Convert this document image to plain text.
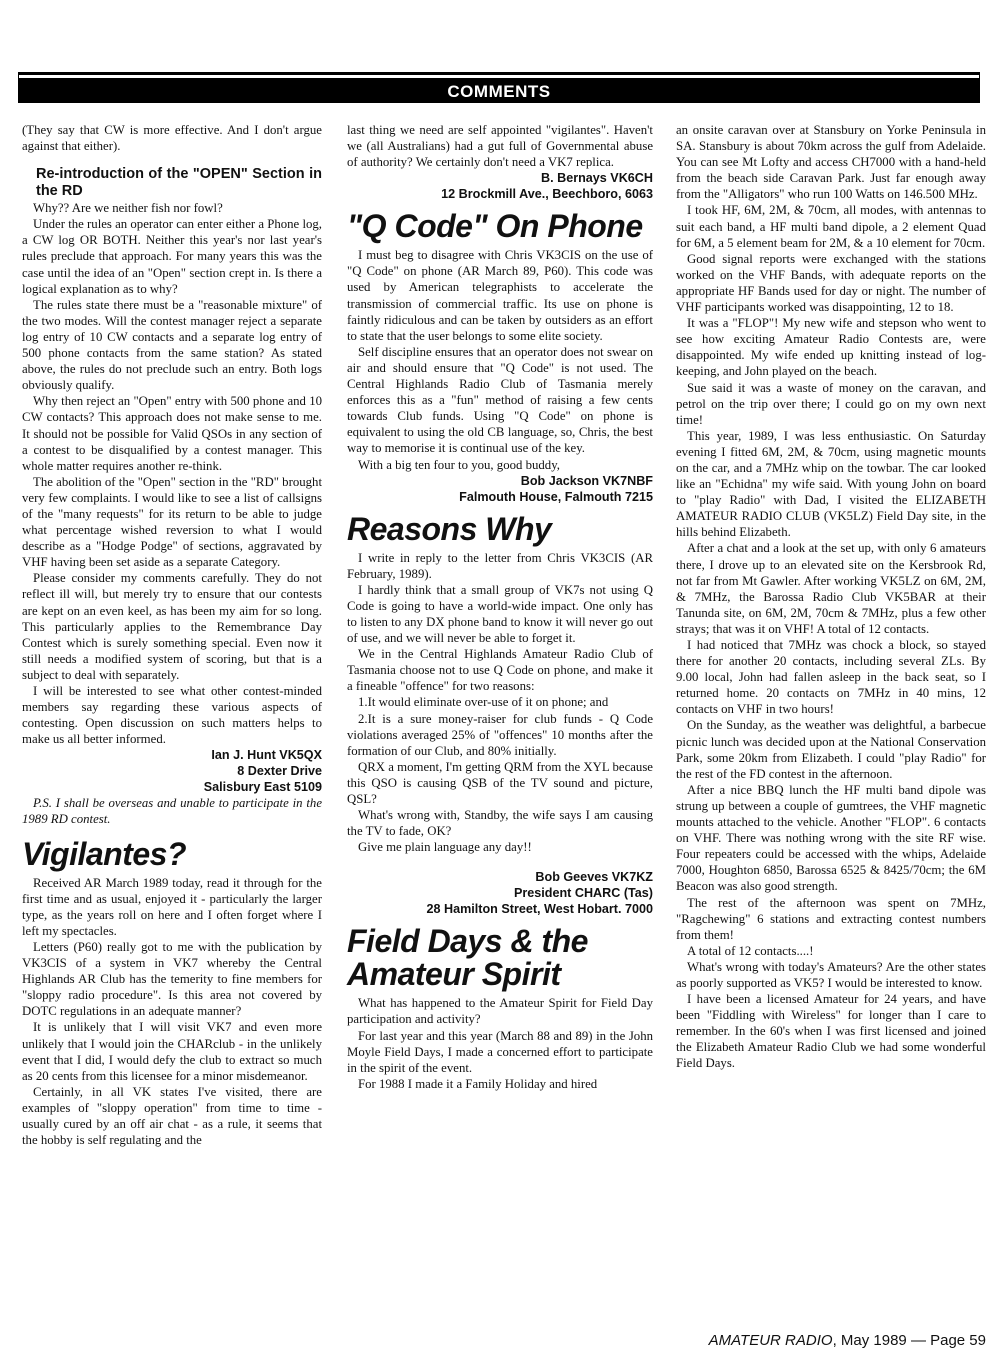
COMMENTS

(They say that CW is more effective. And I don't argue against that either).

Re-introduction of the "OPEN" Section in the RD

Why?? Are we neither fish nor fowl?

Under the rules an operator can enter either a Phone log, a CW log OR BOTH. Neither this year's nor last year's rules preclude that approach. For many years this was the case until the idea of an "Open" section crept in. Is there a logical explanation as to why?

The rules state there must be a "reasonable mixture" of the two modes. Will the contest manager reject a separate log entry of 10 CW contacts and a separate log entry of 500 phone contacts from the same station? As stated above, the rules do not preclude such an entry. Both logs obviously qualify.

Why then reject an "Open" entry with 500 phone and 10 CW contacts? This approach does not make sense to me. It should not be possible for Valid QSOs in any section of a contest to be disqualified by a contest manager. This whole matter requires another re-think.

The abolition of the "Open" section in the "RD" brought very few complaints. I would like to see a list of callsigns of the "many requests" for its return to be able to judge what percentage wished reversion to what I would describe as a "Hodge Podge" of sections, aggravated by VHF having been set aside as a separate Category.

Please consider my comments carefully. They do not reflect ill will, but merely try to ensure that our contests are kept on an even keel, as has been my aim for so long. This particularly applies to the Remembrance Day Contest which is surely something special. Even now it still needs a modified system of scoring, but that is a subject to deal with separately.

I will be interested to see what other contest-minded members say regarding these various aspects of contesting. Open discussion on such matters helps to make us all better informed.

Ian J. Hunt VK5QX
8 Dexter Drive
Salisbury East 5109

P.S. I shall be overseas and unable to participate in the 1989 RD contest.

Vigilantes?

Received AR March 1989 today, read it through for the first time and as usual, enjoyed it - particularly the larger type, as the years roll on here and I often forget where I left my spectacles.

Letters (P60) really got to me with the publication by VK3CIS of a system in VK7 whereby the Central Highlands AR Club has the temerity to fine members for "sloppy radio procedure". Is this area not covered by DOTC regulations in an adequate manner?

It is unlikely that I will visit VK7 and even more unlikely that I would join the CHARclub - in the unlikely event that I did, I would defy the club to extract so much as 20 cents from this licensee for a minor misdemeanor.

Certainly, in all VK states I've visited, there are examples of "sloppy operation" from time to time - usually cured by an off air chat - as a rule, it seems that the hobby is self regulating and the

last thing we need are self appointed "vigilantes". Haven't we (all Australians) had a gut full of Governmental abuse of authority? We certainly don't need a VK7 replica.

B. Bernays VK6CH
12 Brockmill Ave., Beechboro, 6063
"Q Code" On Phone

I must beg to disagree with Chris VK3CIS on the use of "Q Code" on phone (AR March 89, P60). This code was used by American telegraphists to accelerate the transmission of commercial traffic. Its use on phone is faintly ridiculous and can be taken by outsiders as an effort to state that the user belongs to some elite society.

Self discipline ensures that an operator does not swear on air and should ensure that "Q Code" is not used. The Central Highlands Radio Club of Tasmania merely enforces this as a "fun" method of raising a few cents towards Club funds. Using "Q Code" on phone is equivalent to using the old CB language, so, Chris, the best way to memorise it is continual use of the key.

With a big ten four to you, good buddy,

Bob Jackson VK7NBF
Falmouth House, Falmouth 7215
Reasons Why

I write in reply to the letter from Chris VK3CIS (AR February, 1989).

I hardly think that a small group of VK7s not using Q Code is going to have a world-wide impact. One only has to listen to any DX phone band to know it will never go out of use, and we will never be able to forget it.

We in the Central Highlands Amateur Radio Club of Tasmania choose not to use Q Code on phone, and make it a fineable "offence" for two reasons:

1.It would eliminate over-use of it on phone; and

2.It is a sure money-raiser for club funds - Q Code violations averaged 25% of "offences" 10 months after the formation of our Club, and 80% initially.

QRX a moment, I'm getting QRM from the XYL because this QSO is causing QSB of the TV sound and picture, QSL?

What's wrong with, Standby, the wife says I am causing the TV to fade, OK?

Give me plain language any day!!

Bob Geeves VK7KZ
President CHARC (Tas)
28 Hamilton Street, West Hobart. 7000
Field Days & the Amateur Spirit

What has happened to the Amateur Spirit for Field Day participation and activity?

For last year and this year (March 88 and 89) in the John Moyle Field Days, I made a concerned effort to participate in the spirit of the event.

For 1988 I made it a Family Holiday and hired

an onsite caravan over at Stansbury on Yorke Peninsula in SA. Stansbury is about 70km across the gulf from Adelaide. You can see Mt Lofty and access CH7000 with a hand-held from the beach side Caravan Park. Just far enough away from the "Alligators" who run 100 Watts on 146.500 MHz.

I took HF, 6M, 2M, & 70cm, all modes, with antennas to suit each band, a HF multi band dipole, a 2 element Quad for 6M, a 5 element beam for 2M, & a 10 element for 70cm.

Good signal reports were exchanged with the stations worked on the VHF Bands, with adequate reports on the appropriate HF Bands used for day or night. The number of VHF participants worked was disappointing, 12 to 18.

It was a "FLOP"! My new wife and stepson who went to see how exciting Amateur Radio Contests are, were disappointed. My wife ended up knitting instead of log-keeping, and John played on the beach.

Sue said it was a waste of money on the caravan, and petrol on the trip over there; I could go on my own next time!

This year, 1989, I was less enthusiastic. On Saturday evening I fitted 6M, 2M, & 70cm, using magnetic mounts on the car, and a 7MHz whip on the towbar. The car looked like an "Echidna" my wife said. With young John on board to "play Radio" with Dad, I visited the ELIZABETH AMATEUR RADIO CLUB (VK5LZ) Field Day site, in the hills behind Elizabeth.

After a chat and a look at the set up, with only 6 amateurs there, I drove up to an elevated site on the Kersbrook Rd, not far from Mt Gawler. After working VK5LZ on 6M, 2M, & 7MHz, the Barossa Radio Club VK5BAR at their Tanunda site, on 6M, 2M, 70cm & 7MHz, plus a few other strays; that was it on VHF! A total of 12 contacts.

I had noticed that 7MHz was chock a block, so stayed there for another 20 contacts, including several ZLs. By 9.00 local, John had fallen asleep in the back seat, so I returned home. 20 contacts on 7MHz in 40 mins, 12 contacts on VHF in two hours!

On the Sunday, as the weather was delightful, a barbecue picnic lunch was decided upon at the National Conservation Park, some 20km from Elizabeth. I could "play Radio" for the rest of the FD contest in the afternoon.

After a nice BBQ lunch the HF multi band dipole was strung up between a couple of gumtrees, the VHF magnetic mounts attached to the vehicle. Another "FLOP". 6 contacts on VHF. There was nothing wrong with the site RF wise. Four repeaters could be accessed with the whips, Adelaide 7000, Houghton 6850, Barossa 6525 & 8425/70cm; the 6M Beacon was also good strength.

The rest of the afternoon was spent on 7MHz, "Ragchewing" 6 stations and extracting contest numbers from them!

A total of 12 contacts....!

What's wrong with today's Amateurs? Are the other states as poorly supported as VK5? I would be interested to know.

I have been a licensed Amateur for 24 years, and have been "Fiddling with Wireless" for longer than I care to remember. In the 60's when I was first licensed and joined the Elizabeth Amateur Radio Club we had some wonderful Field Days.

AMATEUR RADIO, May 1989 — Page 59
